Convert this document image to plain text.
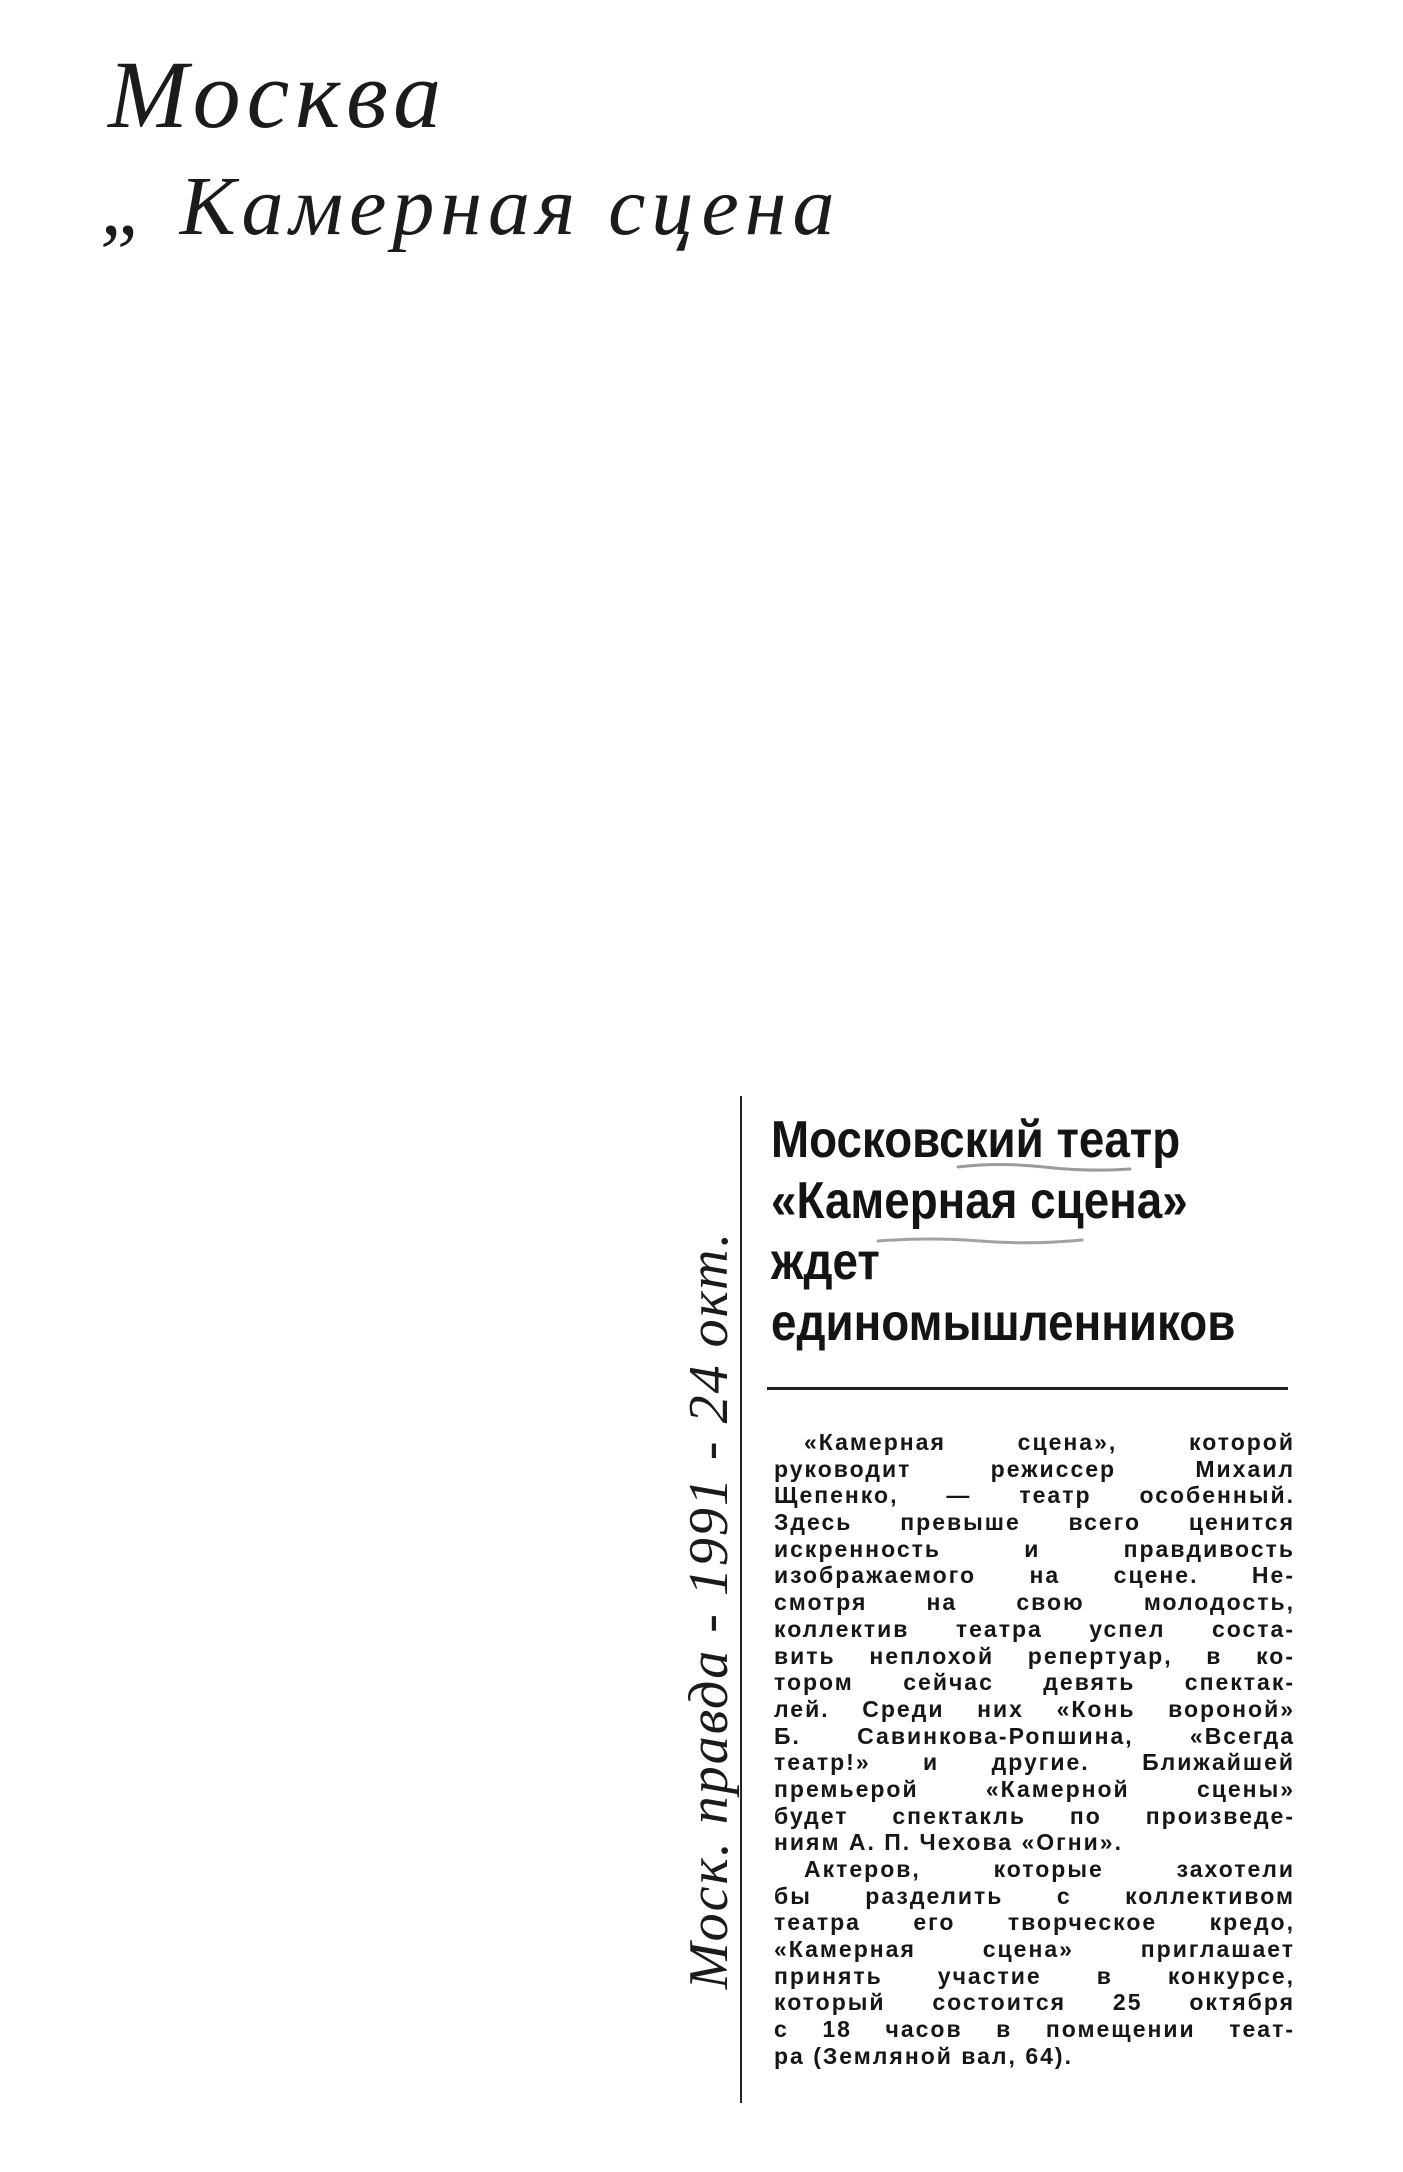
Москва
„ Камерная сцена
Моск. правда - 1991 - 24 окт.
Московский театр
«Камерная сцена»
ждет
единомышленников
«Камерная сцена», которой
руководит режиссер Михаил
Щепенко, — театр особенный.
Здесь превыше всего ценится
искренность и правдивость
изображаемого на сцене. Не-
смотря на свою молодость,
коллектив театра успел соста-
вить неплохой репертуар, в ко-
тором сейчас девять спектак-
лей. Среди них «Конь вороной»
Б. Савинкова-Ропшина, «Всегда
театр!» и другие. Ближайшей
премьерой «Камерной сцены»
будет спектакль по произведе-
ниям А. П. Чехова «Огни».
Актеров, которые захотели
бы разделить с коллективом
театра его творческое кредо,
«Камерная сцена» приглашает
принять участие в конкурсе,
который состоится 25 октября
с 18 часов в помещении теат-
ра (Земляной вал, 64).
